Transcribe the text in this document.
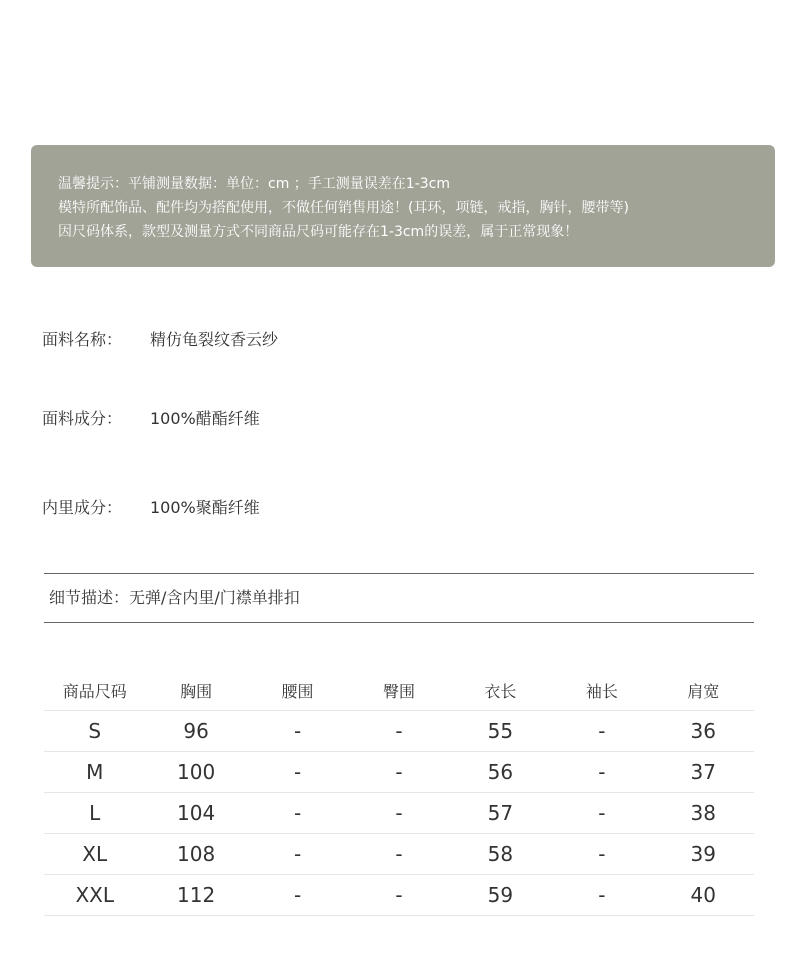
温馨提示：平铺测量数据：单位：cm ；手工测量误差在1-3cm
模特所配饰品、配件均为搭配使用，不做任何销售用途！(耳环，项链，戒指，胸针，腰带等)
因尺码体系，款型及测量方式不同商品尺码可能存在1-3cm的误差，属于正常现象！
面料名称： 精仿龟裂纹香云纱
面料成分： 100%醋酯纤维
内里成分： 100%聚酯纤维
细节描述：无弹/含内里/门襟单排扣
商品尺码	胸围	腰围	臀围	衣长	袖长	肩宽
S	96	-	-	55	-	36
M	100	-	-	56	-	37
L	104	-	-	57	-	38
XL	108	-	-	58	-	39
XXL	112	-	-	59	-	40
